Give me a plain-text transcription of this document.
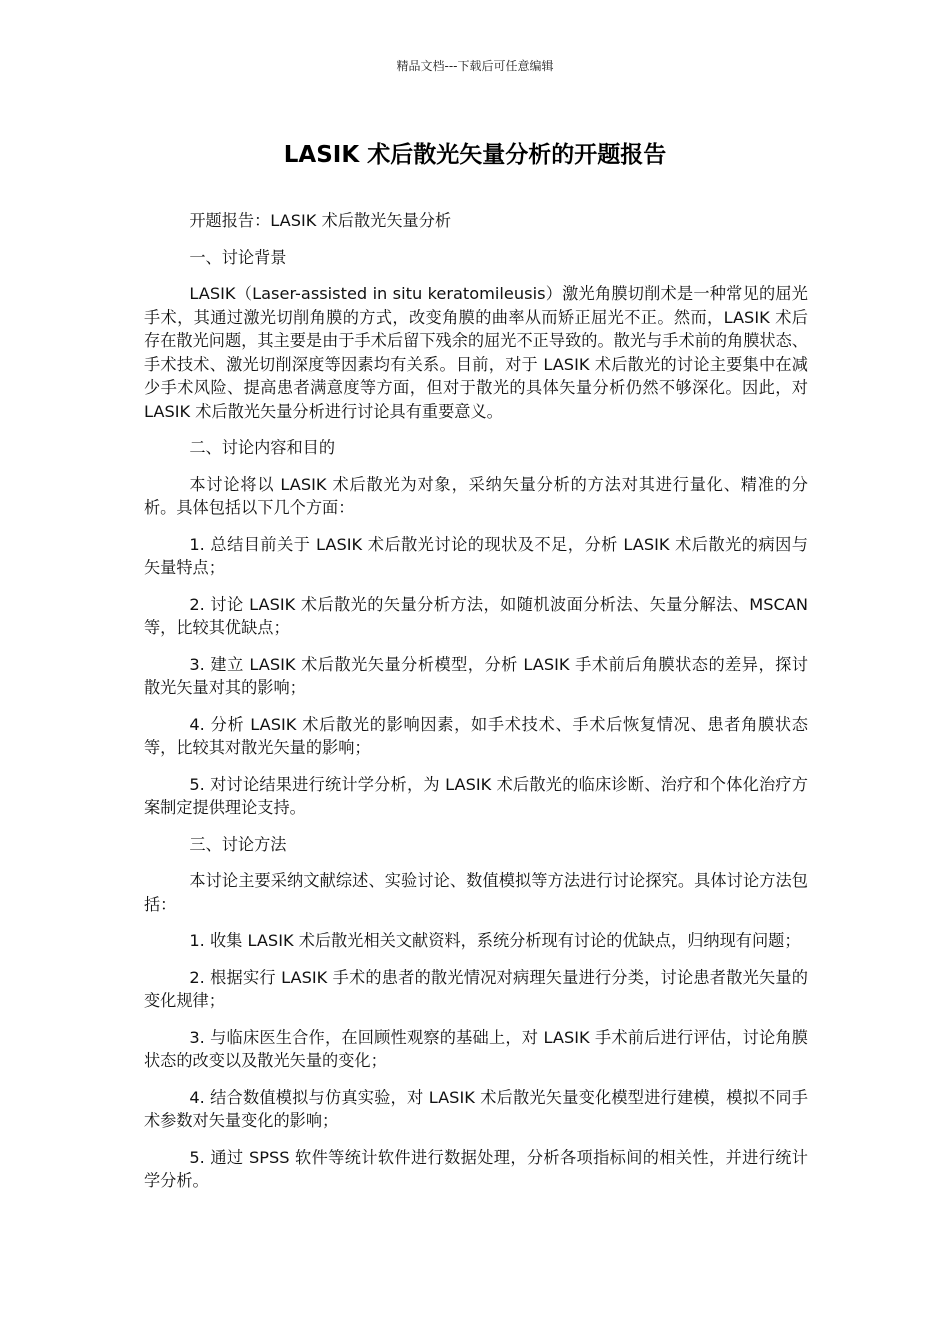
精品文档---下载后可任意编辑
LASIK 术后散光矢量分析的开题报告

开题报告：LASIK 术后散光矢量分析

一、讨论背景

LASIK（Laser-assisted in situ keratomileusis）激光角膜切削术是一种常见的屈光手术，其通过激光切削角膜的方式，改变角膜的曲率从而矫正屈光不正。然而，LASIK 术后存在散光问题，其主要是由于手术后留下残余的屈光不正导致的。散光与手术前的角膜状态、手术技术、激光切削深度等因素均有关系。目前，对于 LASIK 术后散光的讨论主要集中在减少手术风险、提高患者满意度等方面，但对于散光的具体矢量分析仍然不够深化。因此，对 LASIK 术后散光矢量分析进行讨论具有重要意义。

二、讨论内容和目的

本讨论将以 LASIK 术后散光为对象，采纳矢量分析的方法对其进行量化、精准的分析。具体包括以下几个方面：

1. 总结目前关于 LASIK 术后散光讨论的现状及不足，分析 LASIK 术后散光的病因与矢量特点；

2. 讨论 LASIK 术后散光的矢量分析方法，如随机波面分析法、矢量分解法、MSCAN 等，比较其优缺点；

3. 建立 LASIK 术后散光矢量分析模型，分析 LASIK 手术前后角膜状态的差异，探讨散光矢量对其的影响；

4. 分析 LASIK 术后散光的影响因素，如手术技术、手术后恢复情况、患者角膜状态等，比较其对散光矢量的影响；

5. 对讨论结果进行统计学分析，为 LASIK 术后散光的临床诊断、治疗和个体化治疗方案制定提供理论支持。

三、讨论方法

本讨论主要采纳文献综述、实验讨论、数值模拟等方法进行讨论探究。具体讨论方法包括：

1. 收集 LASIK 术后散光相关文献资料，系统分析现有讨论的优缺点，归纳现有问题；

2. 根据实行 LASIK 手术的患者的散光情况对病理矢量进行分类，讨论患者散光矢量的变化规律；

3. 与临床医生合作，在回顾性观察的基础上，对 LASIK 手术前后进行评估，讨论角膜状态的改变以及散光矢量的变化；

4. 结合数值模拟与仿真实验，对 LASIK 术后散光矢量变化模型进行建模，模拟不同手术参数对矢量变化的影响；

5. 通过 SPSS 软件等统计软件进行数据处理，分析各项指标间的相关性，并进行统计学分析。
